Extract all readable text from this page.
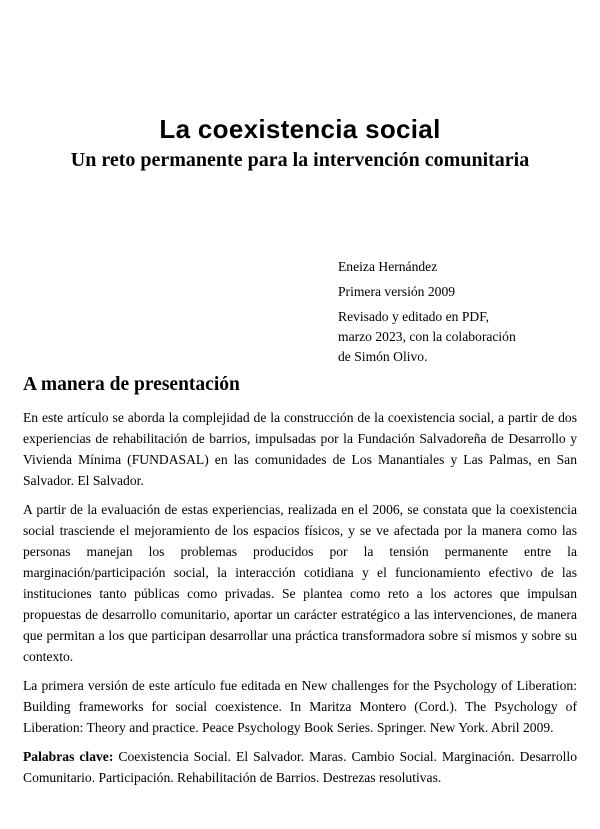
La coexistencia social
Un reto permanente para la intervención comunitaria

Eneiza Hernández

Primera versión 2009

Revisado y editado en PDF, marzo 2023, con la colaboración de Simón Olivo.

A manera de presentación

En este artículo se aborda la complejidad de la construcción de la coexistencia social, a partir de dos experiencias de rehabilitación de barrios, impulsadas por la Fundación Salvadoreña de Desarrollo y Vivienda Mínima (FUNDASAL) en las comunidades de Los Manantiales y Las Palmas, en San Salvador. El Salvador.

A partir de la evaluación de estas experiencias, realizada en el 2006, se constata que la coexistencia social trasciende el mejoramiento de los espacios físicos, y se ve afectada por la manera como las personas manejan los problemas producidos por la tensión permanente entre la marginación/participación social, la interacción cotidiana y el funcionamiento efectivo de las instituciones tanto públicas como privadas. Se plantea como reto a los actores que impulsan propuestas de desarrollo comunitario, aportar un carácter estratégico a las intervenciones, de manera que permitan a los que participan desarrollar una práctica transformadora sobre sí mismos y sobre su contexto.

La primera versión de este artículo fue editada en New challenges for the Psychology of Liberation: Building frameworks for social coexistence. In Maritza Montero (Cord.). The Psychology of Liberation: Theory and practice. Peace Psychology Book Series. Springer. New York. Abril 2009.

Palabras clave: Coexistencia Social. El Salvador. Maras. Cambio Social. Marginación. Desarrollo Comunitario. Participación. Rehabilitación de Barrios. Destrezas resolutivas.
